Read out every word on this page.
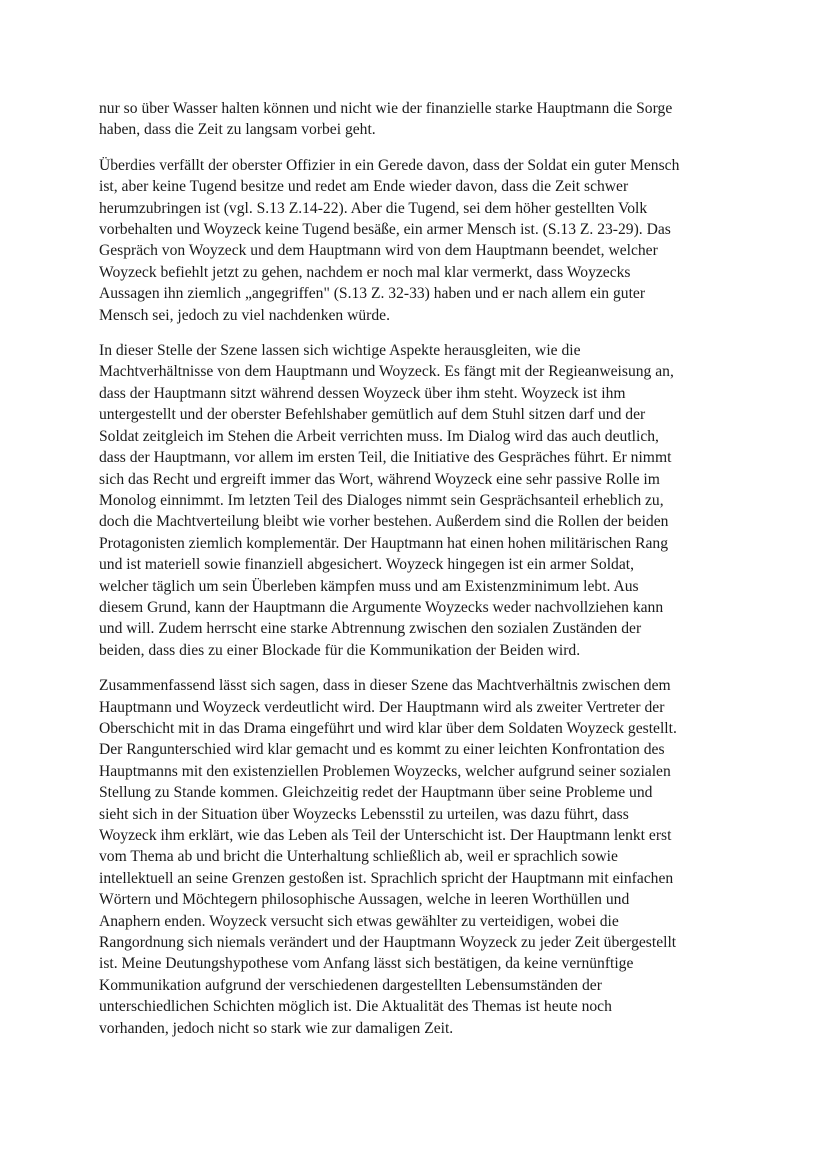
nur so über Wasser halten können und nicht wie der finanzielle starke Hauptmann die Sorge
haben, dass die Zeit zu langsam vorbei geht.

Überdies verfällt der oberster Offizier in ein Gerede davon, dass der Soldat ein guter Mensch
ist, aber keine Tugend besitze und redet am Ende wieder davon, dass die Zeit schwer
herumzubringen ist (vgl. S.13 Z.14-22). Aber die Tugend, sei dem höher gestellten Volk
vorbehalten und Woyzeck keine Tugend besäße, ein armer Mensch ist. (S.13 Z. 23-29). Das
Gespräch von Woyzeck und dem Hauptmann wird von dem Hauptmann beendet, welcher
Woyzeck befiehlt jetzt zu gehen, nachdem er noch mal klar vermerkt, dass Woyzecks
Aussagen ihn ziemlich „angegriffen" (S.13 Z. 32-33) haben und er nach allem ein guter
Mensch sei, jedoch zu viel nachdenken würde.

In dieser Stelle der Szene lassen sich wichtige Aspekte herausgleiten, wie die
Machtverhältnisse von dem Hauptmann und Woyzeck. Es fängt mit der Regieanweisung an,
dass der Hauptmann sitzt während dessen Woyzeck über ihm steht. Woyzeck ist ihm
untergestellt und der oberster Befehlshaber gemütlich auf dem Stuhl sitzen darf und der
Soldat zeitgleich im Stehen die Arbeit verrichten muss. Im Dialog wird das auch deutlich,
dass der Hauptmann, vor allem im ersten Teil, die Initiative des Gespräches führt. Er nimmt
sich das Recht und ergreift immer das Wort, während Woyzeck eine sehr passive Rolle im
Monolog einnimmt. Im letzten Teil des Dialoges nimmt sein Gesprächsanteil erheblich zu,
doch die Machtverteilung bleibt wie vorher bestehen. Außerdem sind die Rollen der beiden
Protagonisten ziemlich komplementär. Der Hauptmann hat einen hohen militärischen Rang
und ist materiell sowie finanziell abgesichert. Woyzeck hingegen ist ein armer Soldat,
welcher täglich um sein Überleben kämpfen muss und am Existenzminimum lebt. Aus
diesem Grund, kann der Hauptmann die Argumente Woyzecks weder nachvollziehen kann
und will. Zudem herrscht eine starke Abtrennung zwischen den sozialen Zuständen der
beiden, dass dies zu einer Blockade für die Kommunikation der Beiden wird.

Zusammenfassend lässt sich sagen, dass in dieser Szene das Machtverhältnis zwischen dem
Hauptmann und Woyzeck verdeutlicht wird. Der Hauptmann wird als zweiter Vertreter der
Oberschicht mit in das Drama eingeführt und wird klar über dem Soldaten Woyzeck gestellt.
Der Rangunterschied wird klar gemacht und es kommt zu einer leichten Konfrontation des
Hauptmanns mit den existenziellen Problemen Woyzecks, welcher aufgrund seiner sozialen
Stellung zu Stande kommen. Gleichzeitig redet der Hauptmann über seine Probleme und
sieht sich in der Situation über Woyzecks Lebensstil zu urteilen, was dazu führt, dass
Woyzeck ihm erklärt, wie das Leben als Teil der Unterschicht ist. Der Hauptmann lenkt erst
vom Thema ab und bricht die Unterhaltung schließlich ab, weil er sprachlich sowie
intellektuell an seine Grenzen gestoßen ist. Sprachlich spricht der Hauptmann mit einfachen
Wörtern und Möchtegern philosophische Aussagen, welche in leeren Worthüllen und
Anaphern enden. Woyzeck versucht sich etwas gewählter zu verteidigen, wobei die
Rangordnung sich niemals verändert und der Hauptmann Woyzeck zu jeder Zeit übergestellt
ist. Meine Deutungshypothese vom Anfang lässt sich bestätigen, da keine vernünftige
Kommunikation aufgrund der verschiedenen dargestellten Lebensumständen der
unterschiedlichen Schichten möglich ist. Die Aktualität des Themas ist heute noch
vorhanden, jedoch nicht so stark wie zur damaligen Zeit.
